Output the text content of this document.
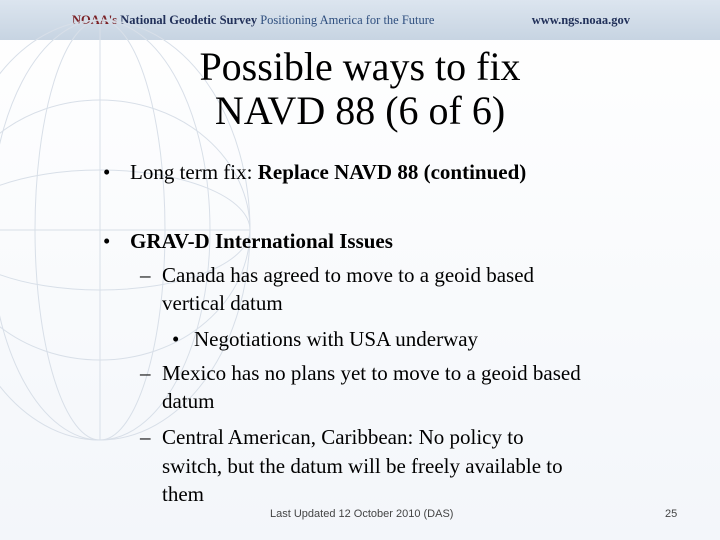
NOAA's National Geodetic Survey Positioning America for the Future	www.ngs.noaa.gov
Possible ways to fix
NAVD 88 (6 of 6)
• Long term fix: Replace NAVD 88 (continued)
• GRAV-D International Issues
– Canada has agreed to move to a geoid based
vertical datum
• Negotiations with USA underway
– Mexico has no plans yet to move to a geoid based
datum
– Central American, Caribbean: No policy to
switch, but the datum will be freely available to
them
Last Updated 12 October 2010 (DAS)	25
